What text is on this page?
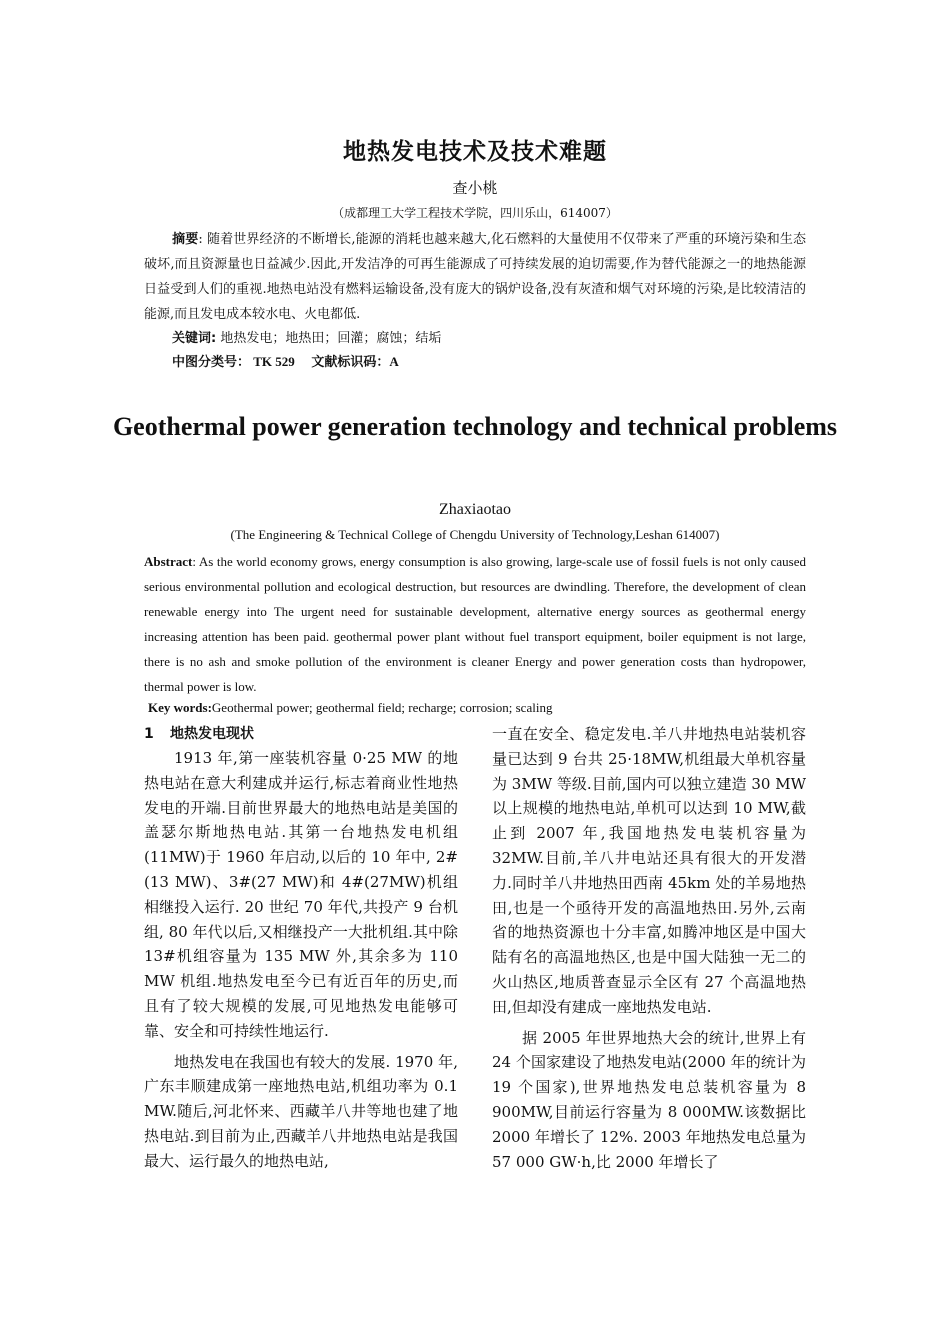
地热发电技术及技术难题
查小桃
（成都理工大学工程技术学院，四川乐山，614007）
摘要: 随着世界经济的不断增长,能源的消耗也越来越大,化石燃料的大量使用不仅带来了严重的环境污染和生态破坏,而且资源量也日益减少.因此,开发洁净的可再生能源成了可持续发展的迫切需要,作为替代能源之一的地热能源日益受到人们的重视.地热电站没有燃料运输设备,没有庞大的锅炉设备,没有灰渣和烟气对环境的污染,是比较清洁的能源,而且发电成本较水电、火电都低.
关键词: 地热发电；地热田；回灌；腐蚀；结垢
中图分类号： TK 529 文献标识码：A
Geothermal power generation technology and technical problems
Zhaxiaotao
(The Engineering & Technical College of Chengdu University of Technology,Leshan 614007)
Abstract: As the world economy grows, energy consumption is also growing, large-scale use of fossil fuels is not only caused serious environmental pollution and ecological destruction, but resources are dwindling. Therefore, the development of clean renewable energy into The urgent need for sustainable development, alternative energy sources as geothermal energy increasing attention has been paid. geothermal power plant without fuel transport equipment, boiler equipment is not large, there is no ash and smoke pollution of the environment is cleaner Energy and power generation costs than hydropower, thermal power is low.
Key words:Geothermal power; geothermal field; recharge; corrosion; scaling
1 地热发电现状

1913 年,第一座装机容量 0·25 MW 的地热电站在意大利建成并运行,标志着商业性地热发电的开端.目前世界最大的地热电站是美国的盖瑟尔斯地热电站.其第一台地热发电机组(11MW)于 1960 年启动,以后的 10 年中, 2#(13 MW)、3#(27 MW)和 4#(27MW)机组相继投入运行. 20 世纪 70 年代,共投产 9 台机组, 80 年代以后,又相继投产一大批机组.其中除 13#机组容量为 135 MW 外,其余多为 110 MW 机组.地热发电至今已有近百年的历史,而且有了较大规模的发展,可见地热发电能够可靠、安全和可持续性地运行.

地热发电在我国也有较大的发展. 1970 年,广东丰顺建成第一座地热电站,机组功率为 0.1 MW.随后,河北怀来、西藏羊八井等地也建了地热电站.到目前为止,西藏羊八井地热电站是我国最大、运行最久的地热电站,

一直在安全、稳定发电.羊八井地热电站装机容量已达到 9 台共 25·18MW,机组最大单机容量为 3MW 等级.目前,国内可以独立建造 30 MW 以上规模的地热电站,单机可以达到 10 MW,截止到 2007 年,我国地热发电装机容量为 32MW.目前,羊八井电站还具有很大的开发潜力.同时羊八井地热田西南 45km 处的羊易地热田,也是一个亟待开发的高温地热田.另外,云南省的地热资源也十分丰富,如腾冲地区是中国大陆有名的高温地热区,也是中国大陆独一无二的火山热区,地质普查显示全区有 27 个高温地热田,但却没有建成一座地热发电站.

据 2005 年世界地热大会的统计,世界上有 24 个国家建设了地热发电站(2000 年的统计为 19 个国家),世界地热发电总装机容量为 8 900MW,目前运行容量为 8 000MW.该数据比 2000 年增长了 12%. 2003 年地热发电总量为 57 000 GW·h,比 2000 年增长了
